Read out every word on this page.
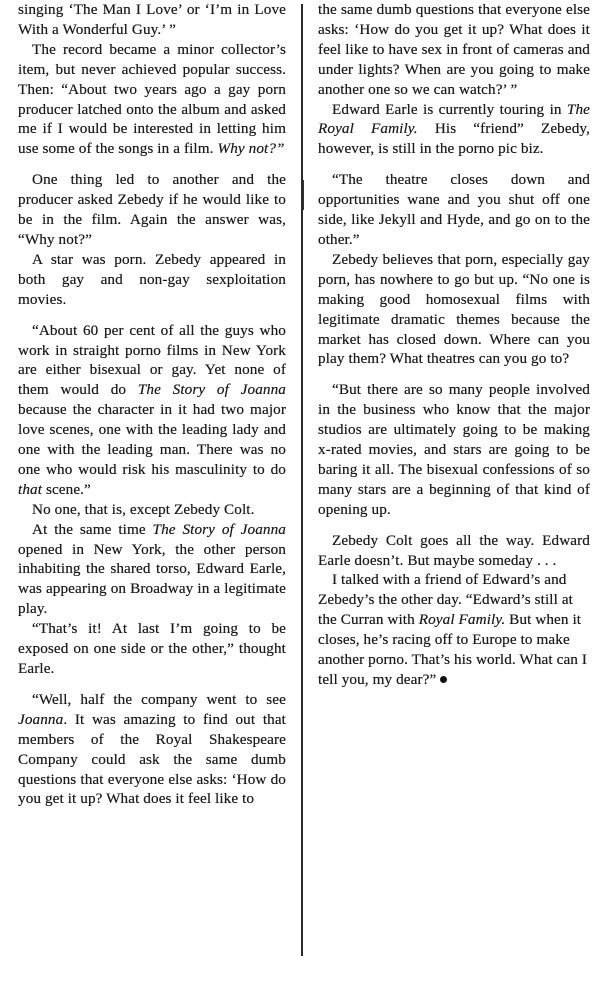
singing ‘The Man I Love’ or ‘I’m in Love With a Wonderful Guy.’ ”

The record became a minor collector’s item, but never achieved popular success. Then: “About two years ago a gay porn producer latched onto the album and asked me if I would be interested in letting him use some of the songs in a film. Why not?”

One thing led to another and the producer asked Zebedy if he would like to be in the film. Again the answer was, “Why not?”

A star was porn. Zebedy appeared in both gay and non-gay sexploitation movies.

“About 60 per cent of all the guys who work in straight porno films in New York are either bisexual or gay. Yet none of them would do The Story of Joanna because the character in it had two major love scenes, one with the leading lady and one with the leading man. There was no one who would risk his masculinity to do that scene.”

No one, that is, except Zebedy Colt.

At the same time The Story of Joanna opened in New York, the other person inhabiting the shared torso, Edward Earle, was appearing on Broadway in a legitimate play.

“That’s it! At last I’m going to be exposed on one side or the other,” thought Earle.

“Well, half the company went to see Joanna. It was amazing to find out that members of the Royal Shakespeare Company could ask the same dumb questions that everyone else asks: ‘How do you get it up? What does it feel like to

the same dumb questions that everyone else asks: ‘How do you get it up? What does it feel like to have sex in front of cameras and under lights? When are you going to make another one so we can watch?’ ”

Edward Earle is currently touring in The Royal Family. His “friend” Zebedy, however, is still in the porno pic biz.

“The theatre closes down and opportunities wane and you shut off one side, like Jekyll and Hyde, and go on to the other.”

Zebedy believes that porn, especially gay porn, has nowhere to go but up. “No one is making good homosexual films with legitimate dramatic themes because the market has closed down. Where can you play them? What theatres can you go to?

“But there are so many people involved in the business who know that the major studios are ultimately going to be making x-rated movies, and stars are going to be baring it all. The bisexual confessions of so many stars are a beginning of that kind of opening up.

Zebedy Colt goes all the way. Edward Earle doesn’t. But maybe someday . . .

I talked with a friend of Edward’s and Zebedy’s the other day. “Edward’s still at the Curran with Royal Family. But when it closes, he’s racing off to Europe to make another porno. That’s his world. What can I tell you, my dear?”
